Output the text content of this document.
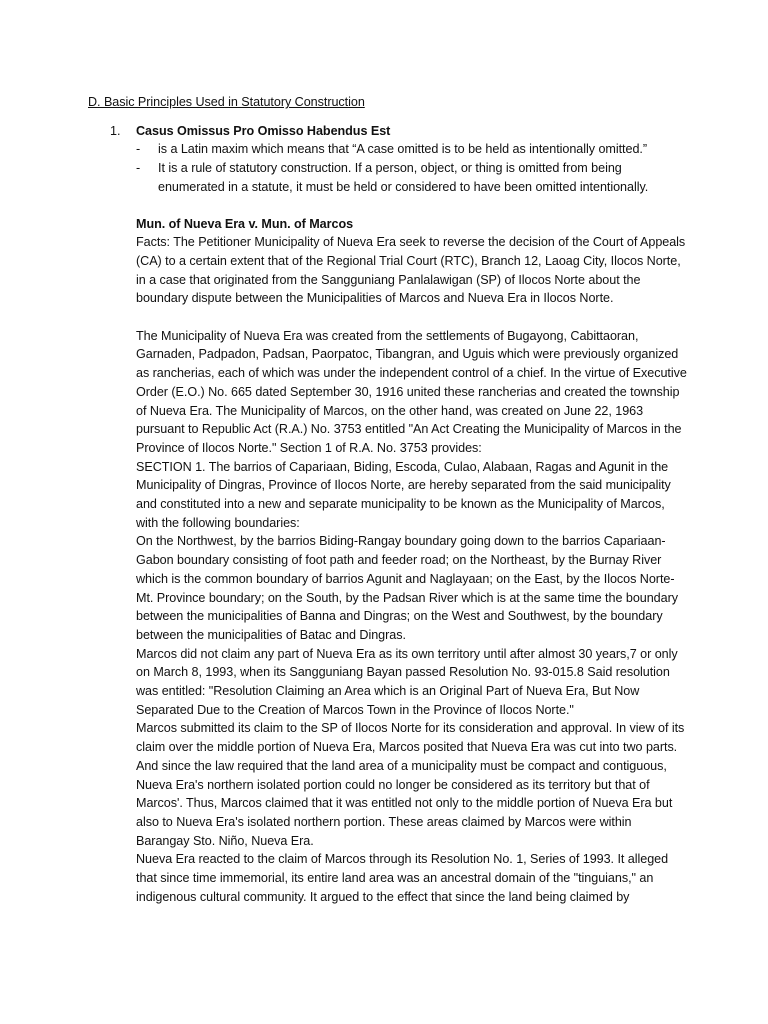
D. Basic Principles Used in Statutory Construction

1. Casus Omissus Pro Omisso Habendus Est

- is a Latin maxim which means that “A case omitted is to be held as intentionally omitted.”
- It is a rule of statutory construction. If a person, object, or thing is omitted from being enumerated in a statute, it must be held or considered to have been omitted intentionally.

Mun. of Nueva Era v. Mun. of Marcos

Facts: The Petitioner Municipality of Nueva Era seek to reverse the decision of the Court of Appeals (CA) to a certain extent that of the Regional Trial Court (RTC), Branch 12, Laoag City, Ilocos Norte, in a case that originated from the Sangguniang Panlalawigan (SP) of Ilocos Norte about the boundary dispute between the Municipalities of Marcos and Nueva Era in Ilocos Norte.

The Municipality of Nueva Era was created from the settlements of Bugayong, Cabittaoran, Garnaden, Padpadon, Padsan, Paorpatoc, Tibangran, and Uguis which were previously organized as rancherias, each of which was under the independent control of a chief. In the virtue of Executive Order (E.O.) No. 665 dated September 30, 1916 united these rancherias and created the township of Nueva Era. The Municipality of Marcos, on the other hand, was created on June 22, 1963 pursuant to Republic Act (R.A.) No. 3753 entitled "An Act Creating the Municipality of Marcos in the Province of Ilocos Norte." Section 1 of R.A. No. 3753 provides:

SECTION 1. The barrios of Capariaan, Biding, Escoda, Culao, Alabaan, Ragas and Agunit in the Municipality of Dingras, Province of Ilocos Norte, are hereby separated from the said municipality and constituted into a new and separate municipality to be known as the Municipality of Marcos, with the following boundaries:

On the Northwest, by the barrios Biding-Rangay boundary going down to the barrios Capariaan-Gabon boundary consisting of foot path and feeder road; on the Northeast, by the Burnay River which is the common boundary of barrios Agunit and Naglayaan; on the East, by the Ilocos Norte-Mt. Province boundary; on the South, by the Padsan River which is at the same time the boundary between the municipalities of Banna and Dingras; on the West and Southwest, by the boundary between the municipalities of Batac and Dingras.

Marcos did not claim any part of Nueva Era as its own territory until after almost 30 years,7 or only on March 8, 1993, when its Sangguniang Bayan passed Resolution No. 93-015.8 Said resolution was entitled: "Resolution Claiming an Area which is an Original Part of Nueva Era, But Now Separated Due to the Creation of Marcos Town in the Province of Ilocos Norte."

Marcos submitted its claim to the SP of Ilocos Norte for its consideration and approval. In view of its claim over the middle portion of Nueva Era, Marcos posited that Nueva Era was cut into two parts. And since the law required that the land area of a municipality must be compact and contiguous, Nueva Era's northern isolated portion could no longer be considered as its territory but that of Marcos'. Thus, Marcos claimed that it was entitled not only to the middle portion of Nueva Era but also to Nueva Era's isolated northern portion. These areas claimed by Marcos were within Barangay Sto. Niño, Nueva Era.

Nueva Era reacted to the claim of Marcos through its Resolution No. 1, Series of 1993. It alleged that since time immemorial, its entire land area was an ancestral domain of the "tinguians," an indigenous cultural community. It argued to the effect that since the land being claimed by
